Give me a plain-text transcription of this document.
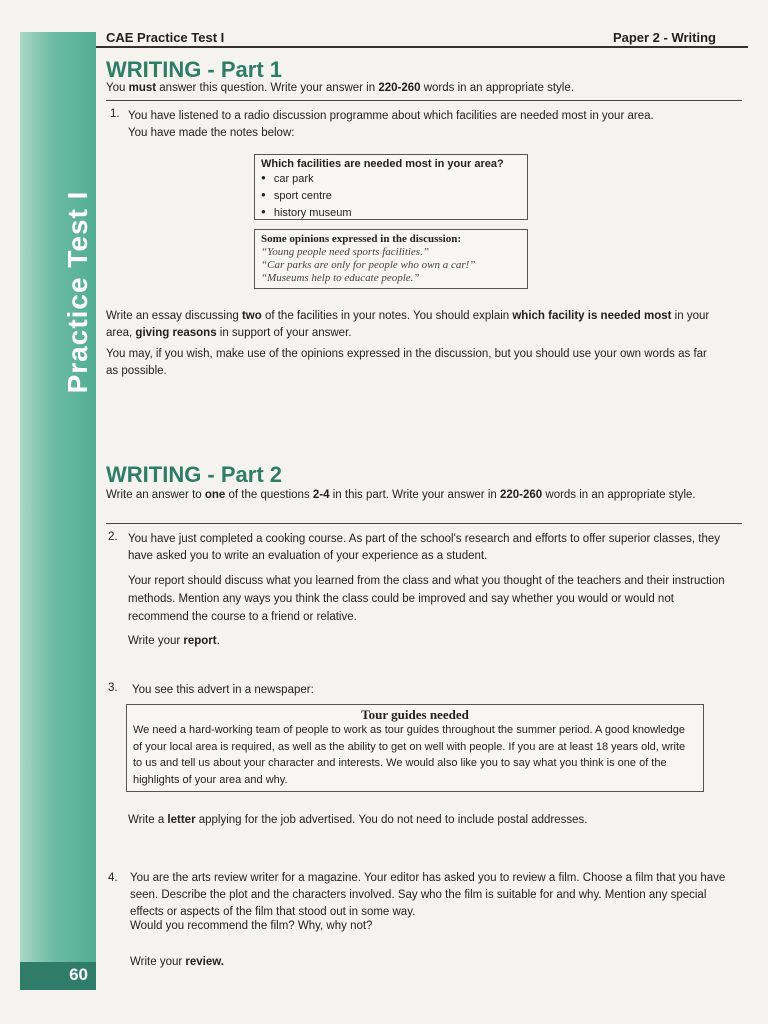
Practice Test I
60
CAE Practice Test I	Paper 2 - Writing
WRITING - Part 1
You must answer this question. Write your answer in 220-260 words in an appropriate style.
1. You have listened to a radio discussion programme about which facilities are needed most in your area.
You have made the notes below:
Which facilities are needed most in your area?
● car park
● sport centre
● history museum
Some opinions expressed in the discussion:
“Young people need sports facilities.”
“Car parks are only for people who own a car!”
“Museums help to educate people.”
Write an essay discussing two of the facilities in your notes. You should explain which facility is needed most in your area, giving reasons in support of your answer.
You may, if you wish, make use of the opinions expressed in the discussion, but you should use your own words as far as possible.
WRITING - Part 2
Write an answer to one of the questions 2-4 in this part. Write your answer in 220-260 words in an appropriate style.
2. You have just completed a cooking course. As part of the school's research and efforts to offer superior classes, they have asked you to write an evaluation of your experience as a student.
Your report should discuss what you learned from the class and what you thought of the teachers and their instruction methods. Mention any ways you think the class could be improved and say whether you would or would not recommend the course to a friend or relative.
Write your report.
3. You see this advert in a newspaper:
Tour guides needed
We need a hard-working team of people to work as tour guides throughout the summer period. A good knowledge of your local area is required, as well as the ability to get on well with people. If you are at least 18 years old, write to us and tell us about your character and interests. We would also like you to say what you think is one of the highlights of your area and why.
Write a letter applying for the job advertised. You do not need to include postal addresses.
4. You are the arts review writer for a magazine. Your editor has asked you to review a film. Choose a film that you have seen. Describe the plot and the characters involved. Say who the film is suitable for and why. Mention any special effects or aspects of the film that stood out in some way.
Would you recommend the film? Why, why not?
Write your review.
